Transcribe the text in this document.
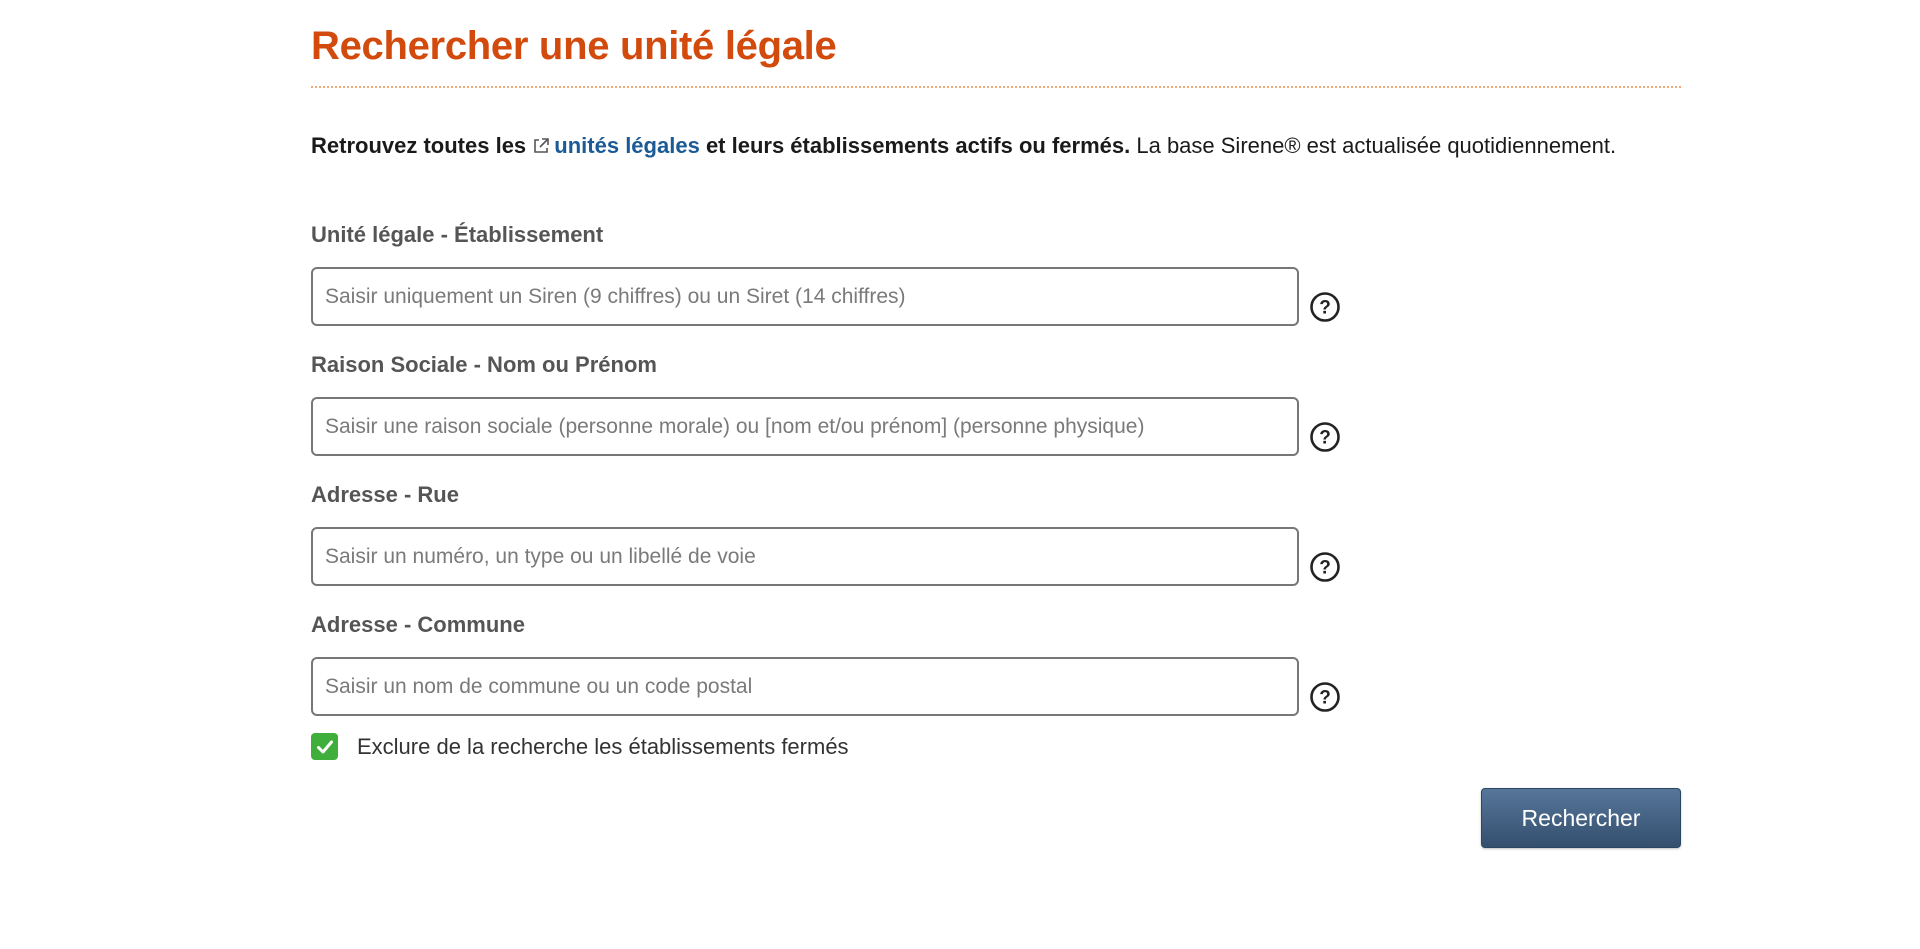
Rechercher une unité légale

Retrouvez toutes les unités légales et leurs établissements actifs ou fermés. La base Sirene® est actualisée quotidiennement.

Unité légale - Établissement
Saisir uniquement un Siren (9 chiffres) ou un Siret (14 chiffres)
?
Raison Sociale - Nom ou Prénom
Saisir une raison sociale (personne morale) ou [nom et/ou prénom] (personne physique)
?
Adresse - Rue
Saisir un numéro, un type ou un libellé de voie
?
Adresse - Commune
Saisir un nom de commune ou un code postal
?
Exclure de la recherche les établissements fermés
Rechercher
